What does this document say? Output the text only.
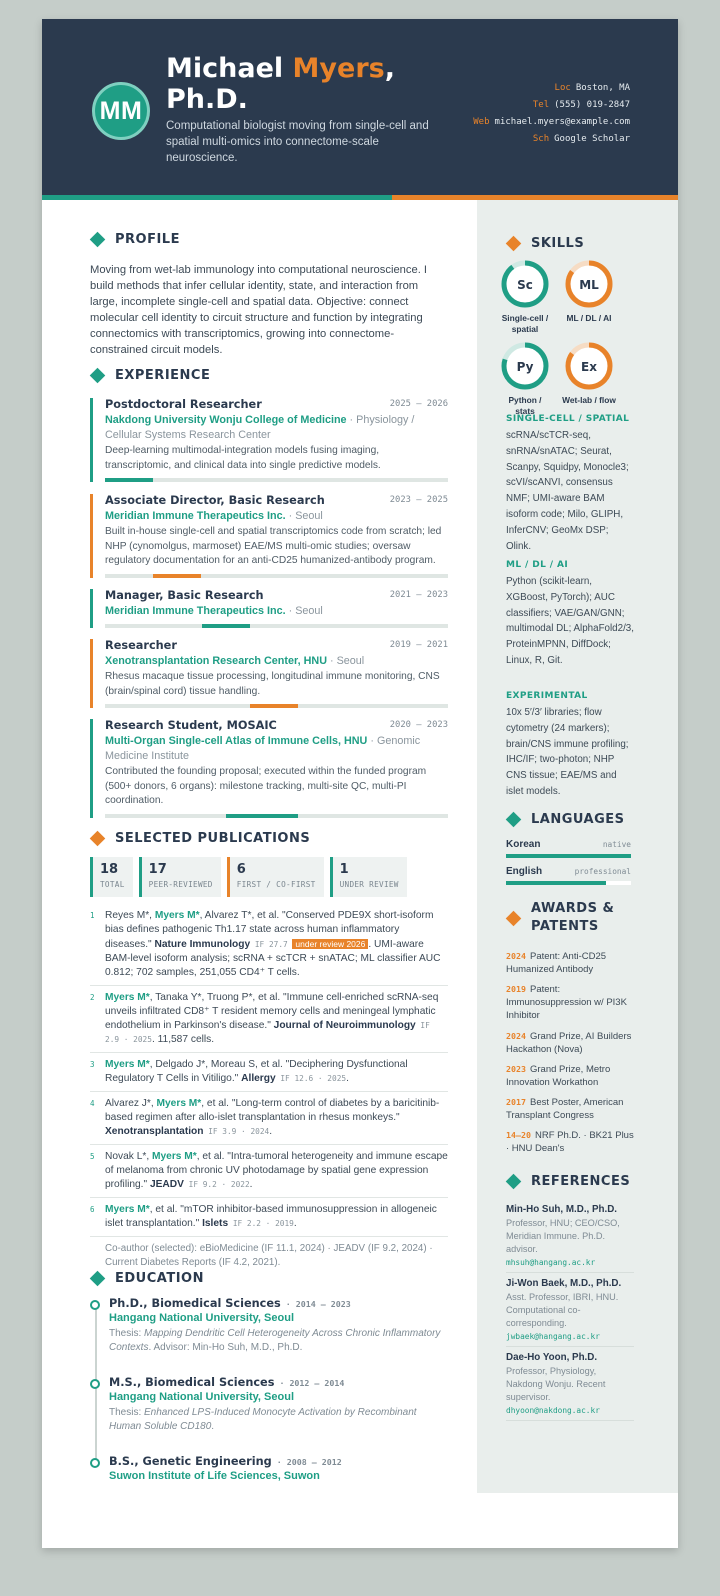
MM
Michael Myers, Ph.D.
Computational biologist moving from single-cell and spatial multi-omics into connectome-scale neuroscience.
Loc Boston, MA
Tel (555) 019-2847
Web michael.myers@example.com
Sch Google Scholar
PROFILE
Moving from wet-lab immunology into computational neuroscience. I build methods that infer cellular identity, state, and interaction from large, incomplete single-cell and spatial data. Objective: connect molecular cell identity to circuit structure and function by integrating connectomics with transcriptomics, growing into connectome-constrained circuit models.
EXPERIENCE
Postdoctoral Researcher	2025 – 2026
Nakdong University Wonju College of Medicine · Physiology / Cellular Systems Research Center
Deep-learning multimodal-integration models fusing imaging, transcriptomic, and clinical data into single predictive models.
Associate Director, Basic Research	2023 – 2025
Meridian Immune Therapeutics Inc. · Seoul
Built in-house single-cell and spatial transcriptomics code from scratch; led NHP (cynomolgus, marmoset) EAE/MS multi-omic studies; oversaw regulatory documentation for an anti-CD25 humanized-antibody program.
Manager, Basic Research	2021 – 2023
Meridian Immune Therapeutics Inc. · Seoul
Researcher	2019 – 2021
Xenotransplantation Research Center, HNU · Seoul
Rhesus macaque tissue processing, longitudinal immune monitoring, CNS (brain/spinal cord) tissue handling.
Research Student, MOSAIC	2020 – 2023
Multi-Organ Single-cell Atlas of Immune Cells, HNU · Genomic Medicine Institute
Contributed the founding proposal; executed within the funded program (500+ donors, 6 organs): milestone tracking, multi-site QC, multi-PI coordination.
SELECTED PUBLICATIONS
18
TOTAL
17
PEER-REVIEWED
6
FIRST / CO-FIRST
1
UNDER REVIEW
1 Reyes M*, Myers M*, Alvarez T*, et al. "Conserved PDE9X short-isoform bias defines pathogenic Th1.17 state across human inflammatory diseases." Nature Immunology IF 27.7 under review 2026 . UMI-aware BAM-level isoform analysis; scRNA + scTCR + snATAC; ML classifier AUC 0.812; 702 samples, 251,055 CD4⁺ T cells.
2 Myers M*, Tanaka Y*, Truong P*, et al. "Immune cell-enriched scRNA-seq unveils infiltrated CD8⁺ T resident memory cells and meningeal lymphatic endothelium in Parkinson's disease." Journal of Neuroimmunology IF 2.9 · 2025. 11,587 cells.
3 Myers M*, Delgado J*, Moreau S, et al. "Deciphering Dysfunctional Regulatory T Cells in Vitiligo." Allergy IF 12.6 · 2025.
4 Alvarez J*, Myers M*, et al. "Long-term control of diabetes by a baricitinib-based regimen after allo-islet transplantation in rhesus monkeys." Xenotransplantation IF 3.9 · 2024.
5 Novak L*, Myers M*, et al. "Intra-tumoral heterogeneity and immune escape of melanoma from chronic UV photodamage by spatial gene expression profiling." JEADV IF 9.2 · 2022.
6 Myers M*, et al. "mTOR inhibitor-based immunosuppression in allogeneic islet transplantation." Islets IF 2.2 · 2019.
Co-author (selected): eBioMedicine (IF 11.1, 2024) · JEADV (IF 9.2, 2024) · Current Diabetes Reports (IF 4.2, 2021).
EDUCATION
Ph.D., Biomedical Sciences · 2014 – 2023
Hangang National University, Seoul
Thesis: Mapping Dendritic Cell Heterogeneity Across Chronic Inflammatory Contexts. Advisor: Min-Ho Suh, M.D., Ph.D.
M.S., Biomedical Sciences · 2012 – 2014
Hangang National University, Seoul
Thesis: Enhanced LPS-Induced Monocyte Activation by Recombinant Human Soluble CD180.
B.S., Genetic Engineering · 2008 – 2012
Suwon Institute of Life Sciences, Suwon
SKILLS
Sc
Single-cell / spatial
ML
ML / DL / AI
Py
Python / stats
Ex
Wet-lab / flow
SINGLE-CELL / SPATIAL
scRNA/scTCR-seq, snRNA/snATAC; Seurat, Scanpy, Squidpy, Monocle3; scVI/scANVI, consensus NMF; UMI-aware BAM isoform code; Milo, GLIPH, InferCNV; GeoMx DSP; Olink.
ML / DL / AI
Python (scikit-learn, XGBoost, PyTorch); AUC classifiers; VAE/GAN/GNN; multimodal DL; AlphaFold2/3, ProteinMPNN, DiffDock; Linux, R, Git.
EXPERIMENTAL
10x 5′/3′ libraries; flow cytometry (24 markers); brain/CNS immune profiling; IHC/IF; two-photon; NHP CNS tissue; EAE/MS and islet models.
LANGUAGES
Korean	native
English	professional
AWARDS & PATENTS
2024 Patent: Anti-CD25 Humanized Antibody
2019 Patent: Immunosuppression w/ PI3K Inhibitor
2024 Grand Prize, AI Builders Hackathon (Nova)
2023 Grand Prize, Metro Innovation Workathon
2017 Best Poster, American Transplant Congress
14–20 NRF Ph.D. · BK21 Plus · HNU Dean's
REFERENCES
Min-Ho Suh, M.D., Ph.D.
Professor, HNU; CEO/CSO, Meridian Immune. Ph.D. advisor.
mhsuh@hangang.ac.kr
Ji-Won Baek, M.D., Ph.D.
Asst. Professor, IBRI, HNU. Computational co-corresponding.
jwbaek@hangang.ac.kr
Dae-Ho Yoon, Ph.D.
Professor, Physiology, Nakdong Wonju. Recent supervisor.
dhyoon@nakdong.ac.kr
